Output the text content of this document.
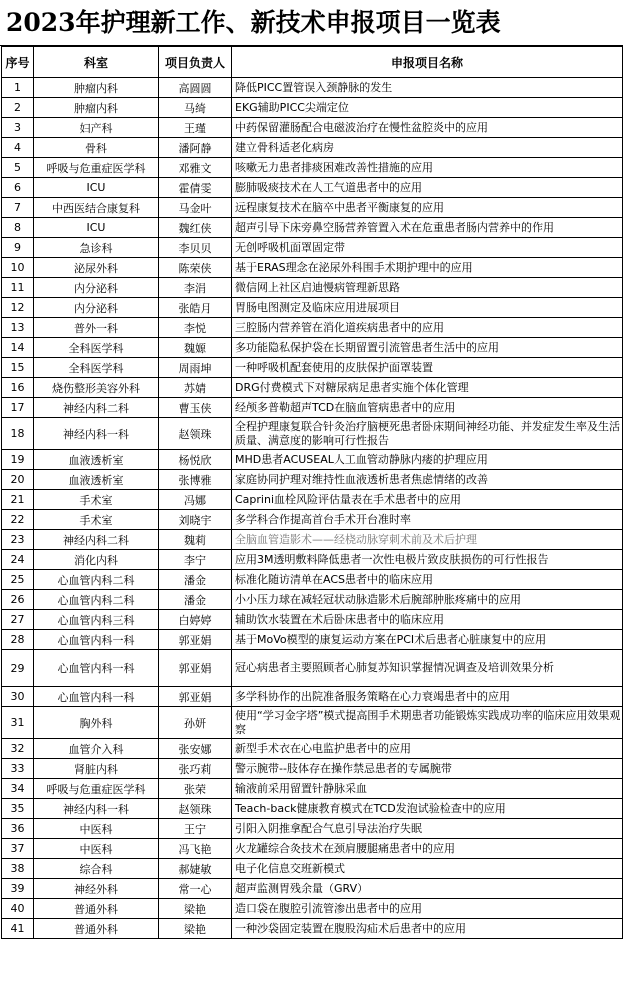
2023年护理新工作、新技术申报项目一览表
序号	科室	项目负责人	申报项目名称
1	肿瘤内科	高圆圆	降低PICC置管误入颈静脉的发生
2	肿瘤内科	马绮	EKG辅助PICC尖端定位
3	妇产科	王瑾	中药保留灌肠配合电磁波治疗在慢性盆腔炎中的应用
4	骨科	潘阿静	建立骨科适老化病房
5	呼吸与危重症医学科	邓雅文	咳嗽无力患者排痰困难改善性措施的应用
6	ICU	霍倩雯	膨肺吸痰技术在人工气道患者中的应用
7	中西医结合康复科	马金叶	远程康复技术在脑卒中患者平衡康复的应用
8	ICU	魏红侠	超声引导下床旁鼻空肠营养管置入术在危重患者肠内营养中的作用
9	急诊科	李贝贝	无创呼吸机面罩固定带
10	泌尿外科	陈荣侠	基于ERAS理念在泌尿外科围手术期护理中的应用
11	内分泌科	李涓	微信网上社区启迪慢病管理新思路
12	内分泌科	张皓月	胃肠电图测定及临床应用进展项目
13	普外一科	李悦	三腔肠内营养管在消化道疾病患者中的应用
14	全科医学科	魏嫄	多功能隐私保护袋在长期留置引流管患者生活中的应用
15	全科医学科	周雨坤	一种呼吸机配套使用的皮肤保护面罩装置
16	烧伤整形美容外科	苏婧	DRG付费模式下对糖尿病足患者实施个体化管理
17	神经内科二科	曹玉侠	经颅多普勒超声TCD在脑血管病患者中的应用
18	神经内科一科	赵领珠	全程护理康复联合针灸治疗脑梗死患者卧床期间神经功能、并发症发生率及生活质量、满意度的影响可行性报告
19	血液透析室	杨悦欣	MHD患者ACUSEAL人工血管动静脉内瘘的护理应用
20	血液透析室	张博雅	家庭协同护理对维持性血液透析患者焦虑情绪的改善
21	手术室	冯娜	Caprini血栓风险评估量表在手术患者中的应用
22	手术室	刘晓宇	多学科合作提高首台手术开台准时率
23	神经内科二科	魏莉	全脑血管造影术——经桡动脉穿刺术前及术后护理
24	消化内科	李宁	应用3M透明敷料降低患者一次性电极片致皮肤损伤的可行性报告
25	心血管内科二科	潘金	标准化随访清单在ACS患者中的临床应用
26	心血管内科二科	潘金	小小压力球在减轻冠状动脉造影术后腕部肿胀疼痛中的应用
27	心血管内科三科	白婷婷	辅助饮水装置在术后卧床患者中的临床应用
28	心血管内科一科	郭亚娟	基于MoVo模型的康复运动方案在PCI术后患者心脏康复中的应用
29	心血管内科一科	郭亚娟	冠心病患者主要照顾者心肺复苏知识掌握情况调查及培训效果分析
30	心血管内科一科	郭亚娟	多学科协作的出院准备服务策略在心力衰竭患者中的应用
31	胸外科	孙妍	使用“学习金字塔”模式提高围手术期患者功能锻炼实践成功率的临床应用效果观察
32	血管介入科	张安娜	新型手术衣在心电监护患者中的应用
33	肾脏内科	张巧莉	警示腕带--肢体存在操作禁忌患者的专属腕带
34	呼吸与危重症医学科	张荣	输液前采用留置针静脉采血
35	神经内科一科	赵领珠	Teach-back健康教育模式在TCD发泡试验检查中的应用
36	中医科	王宁	引阳入阴推拿配合气息引导法治疗失眠
37	中医科	冯飞艳	火龙罐综合灸技术在颈肩腰腿痛患者中的应用
38	综合科	郝婕敏	电子化信息交班新模式
39	神经外科	常一心	超声监测胃残余量（GRV）
40	普通外科	梁艳	造口袋在腹腔引流管渗出患者中的应用
41	普通外科	梁艳	一种沙袋固定装置在腹股沟疝术后患者中的应用
